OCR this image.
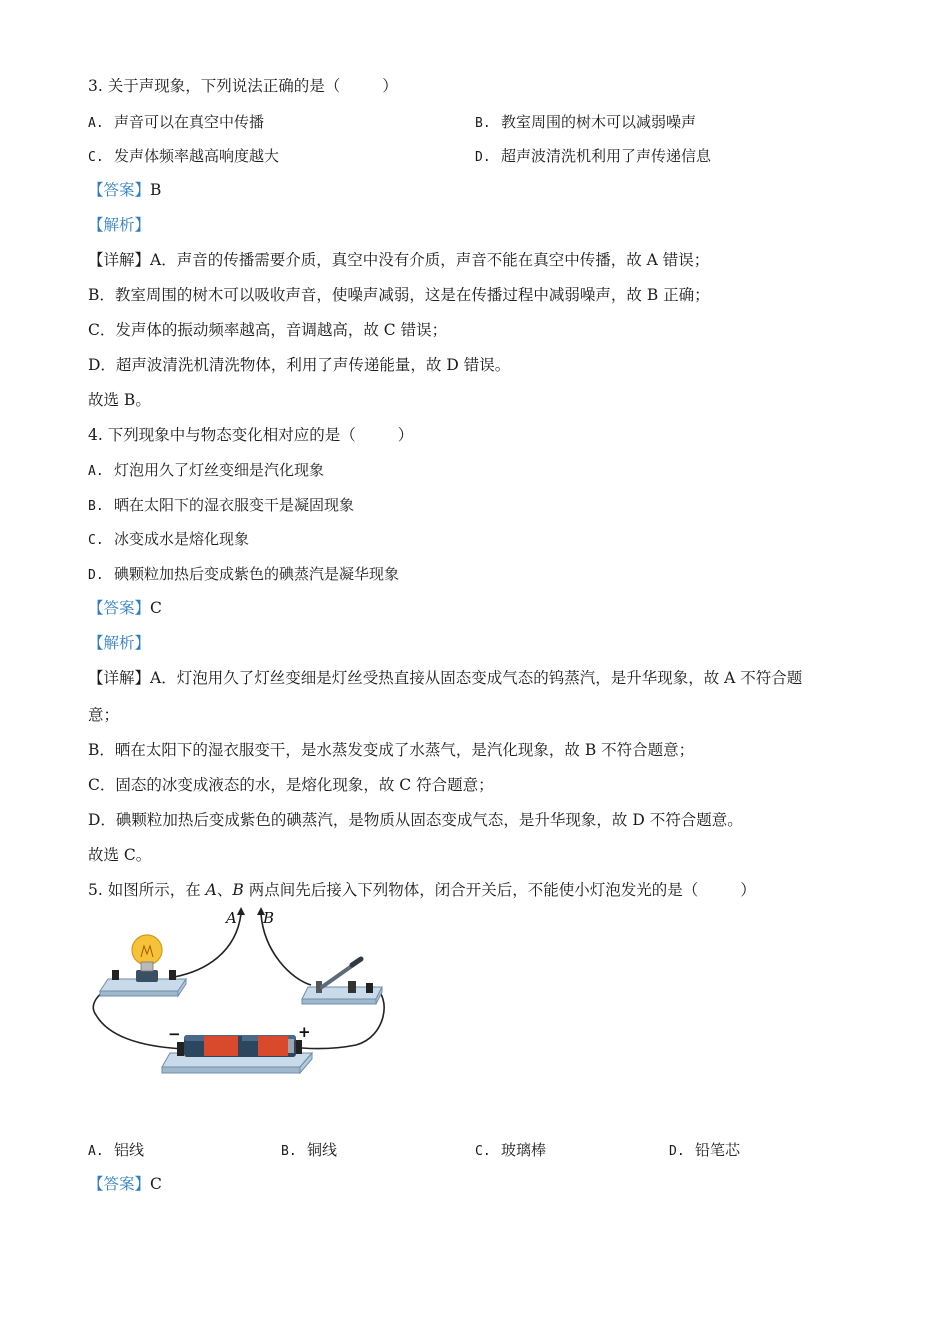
3. 关于声现象，下列说法正确的是（	）
A. 声音可以在真空中传播	B. 教室周围的树木可以减弱噪声
C. 发声体频率越高响度越大	D. 超声波清洗机利用了声传递信息
【答案】B
【解析】
【详解】A．声音的传播需要介质，真空中没有介质，声音不能在真空中传播，故 A 错误；
B．教室周围的树木可以吸收声音，使噪声减弱，这是在传播过程中减弱噪声，故 B 正确；
C．发声体的振动频率越高，音调越高，故 C 错误；
D．超声波清洗机清洗物体，利用了声传递能量，故 D 错误。
故选 B。
4. 下列现象中与物态变化相对应的是（	）
A. 灯泡用久了灯丝变细是汽化现象
B. 晒在太阳下的湿衣服变干是凝固现象
C. 冰变成水是熔化现象
D. 碘颗粒加热后变成紫色的碘蒸汽是凝华现象
【答案】C
【解析】
【详解】A．灯泡用久了灯丝变细是灯丝受热直接从固态变成气态的钨蒸汽，是升华现象，故 A 不符合题
意；
B．晒在太阳下的湿衣服变干，是水蒸发变成了水蒸气，是汽化现象，故 B 不符合题意；
C．固态的冰变成液态的水，是熔化现象，故 C 符合题意；
D．碘颗粒加热后变成紫色的碘蒸汽，是物质从固态变成气态，是升华现象，故 D 不符合题意。
故选 C。
5. 如图所示，在 A、B 两点间先后接入下列物体，闭合开关后，不能使小灯泡发光的是（	）
A B
−	+
A. 铝线	B. 铜线	C. 玻璃棒	D. 铅笔芯
【答案】C
